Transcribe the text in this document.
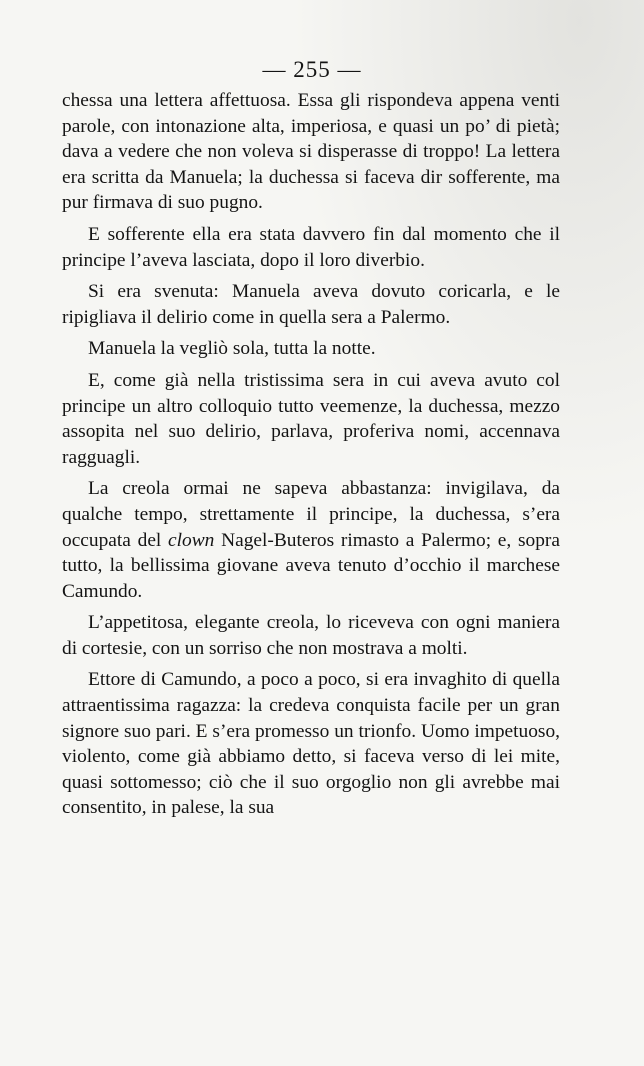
— 255 —

chessa una lettera affettuosa. Essa gli rispondeva appena venti parole, con intonazione alta, imperiosa, e quasi un po’ di pietà; dava a vedere che non voleva si disperasse di troppo! La lettera era scritta da Manuela; la duchessa si faceva dir sofferente, ma pur firmava di suo pugno.

E sofferente ella era stata davvero fin dal momento che il principe l’aveva lasciata, dopo il loro diverbio.

Si era svenuta: Manuela aveva dovuto coricarla, e le ripigliava il delirio come in quella sera a Palermo.

Manuela la vegliò sola, tutta la notte.

E, come già nella tristissima sera in cui aveva avuto col principe un altro colloquio tutto veemenze, la duchessa, mezzo assopita nel suo delirio, parlava, proferiva nomi, accennava ragguagli.

La creola ormai ne sapeva abbastanza: invigilava, da qualche tempo, strettamente il principe, la duchessa, s’era occupata del clown Nagel-Buteros rimasto a Palermo; e, sopra tutto, la bellissima giovane aveva tenuto d’occhio il marchese Camundo.

L’appetitosa, elegante creola, lo riceveva con ogni maniera di cortesie, con un sorriso che non mostrava a molti.

Ettore di Camundo, a poco a poco, si era invaghito di quella attraentissima ragazza: la credeva conquista facile per un gran signore suo pari. E s’era promesso un trionfo. Uomo impetuoso, violento, come già abbiamo detto, si faceva verso di lei mite, quasi sottomesso; ciò che il suo orgoglio non gli avrebbe mai consentito, in palese, la sua
